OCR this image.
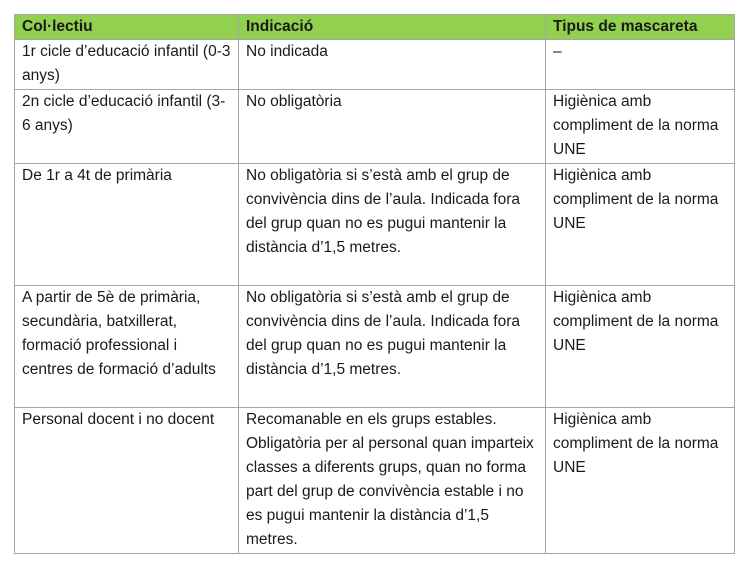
Col·lectiu	Indicació	Tipus de mascareta
1r cicle d’educació infantil (0-3 anys)	No indicada	–
2n cicle d’educació infantil (3-6 anys)	No obligatòria	Higiènica amb compliment de la norma UNE
De 1r a 4t de primària	No obligatòria si s’està amb el grup de convivència dins de l’aula. Indicada fora del grup quan no es pugui mantenir la distància d’1,5 metres.	Higiènica amb compliment de la norma UNE
A partir de 5è de primària, secundària, batxillerat, formació professional i centres de formació d’adults	No obligatòria si s’està amb el grup de convivència dins de l’aula. Indicada fora del grup quan no es pugui mantenir la distància d’1,5 metres.	Higiènica amb compliment de la norma UNE
Personal docent i no docent	Recomanable en els grups estables. Obligatòria per al personal quan imparteix classes a diferents grups, quan no forma part del grup de convivència estable i no es pugui mantenir la distància d’1,5 metres.	Higiènica amb compliment de la norma UNE
